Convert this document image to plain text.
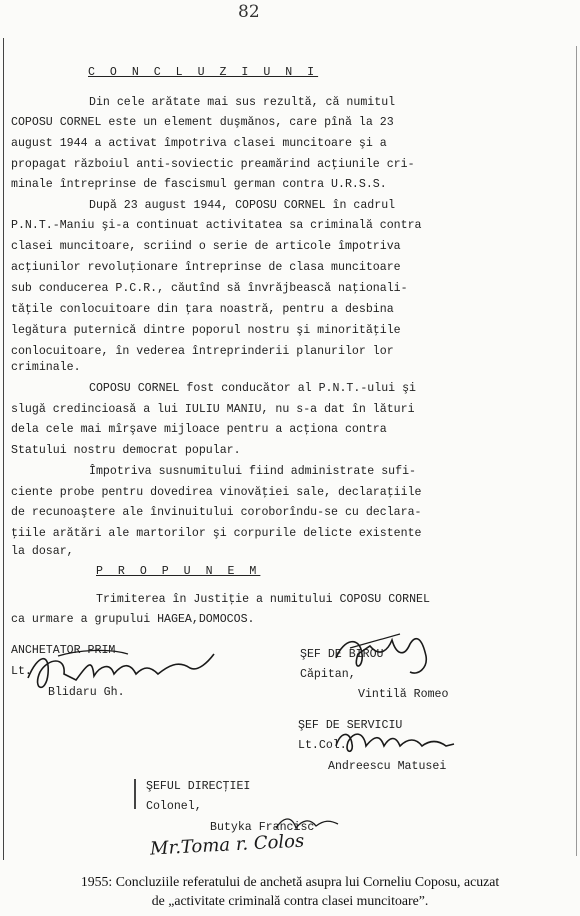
82
C O N C L U Z I U N I
Din cele arătate mai sus rezultă, că numitul
COPOSU CORNEL este un element duşmănos, care pînă la 23
august 1944 a activat împotriva clasei muncitoare şi a
propagat războiul anti-soviectic preamărind acţiunile cri-
minale întreprinse de fascismul german contra U.R.S.S.
După 23 august 1944, COPOSU CORNEL în cadrul
P.N.T.-Maniu şi-a continuat activitatea sa criminală contra
clasei muncitoare, scriind o serie de articole împotriva
acţiunilor revoluţionare întreprinse de clasa muncitoare
sub conducerea P.C.R., căutînd să învrăjbească naţionali-
tăţile conlocuitoare din ţara noastră, pentru a desbina
legătura puternică dintre poporul nostru şi minorităţile
conlocuitoare, în vederea întreprinderii planurilor lor
criminale.
COPOSU CORNEL fost conducător al P.N.T.-ului şi
slugă credincioasă a lui IULIU MANIU, nu s-a dat în lături
dela cele mai mîrşave mijloace pentru a acţiona contra
Statului nostru democrat popular.
Împotriva susnumitului fiind administrate sufi-
ciente probe pentru dovedirea vinovăţiei sale, declaraţiile
de recunoaştere ale învinuitului coroborîndu-se cu declara-
ţiile arătări ale martorilor şi corpurile delicte existente
la dosar,
P R O P U N E M
Trimiterea în Justiţie a numitului COPOSU CORNEL
ca urmare a grupului HAGEA,DOMOCOS.
ANCHETATOR PRIM
Lt.
Blidaru Gh.
ŞEF DE BIROU
Căpitan,
Vintilă Romeo
ŞEF DE SERVICIU
Lt.Col.
Andreescu Matusei
ŞEFUL DIRECŢIEI
Colonel,
Butyka Francisc
Mr.Toma r. Colos
1955: Concluziile referatului de anchetă asupra lui Corneliu Coposu, acuzat
de „activitate criminală contra clasei muncitoare”.
